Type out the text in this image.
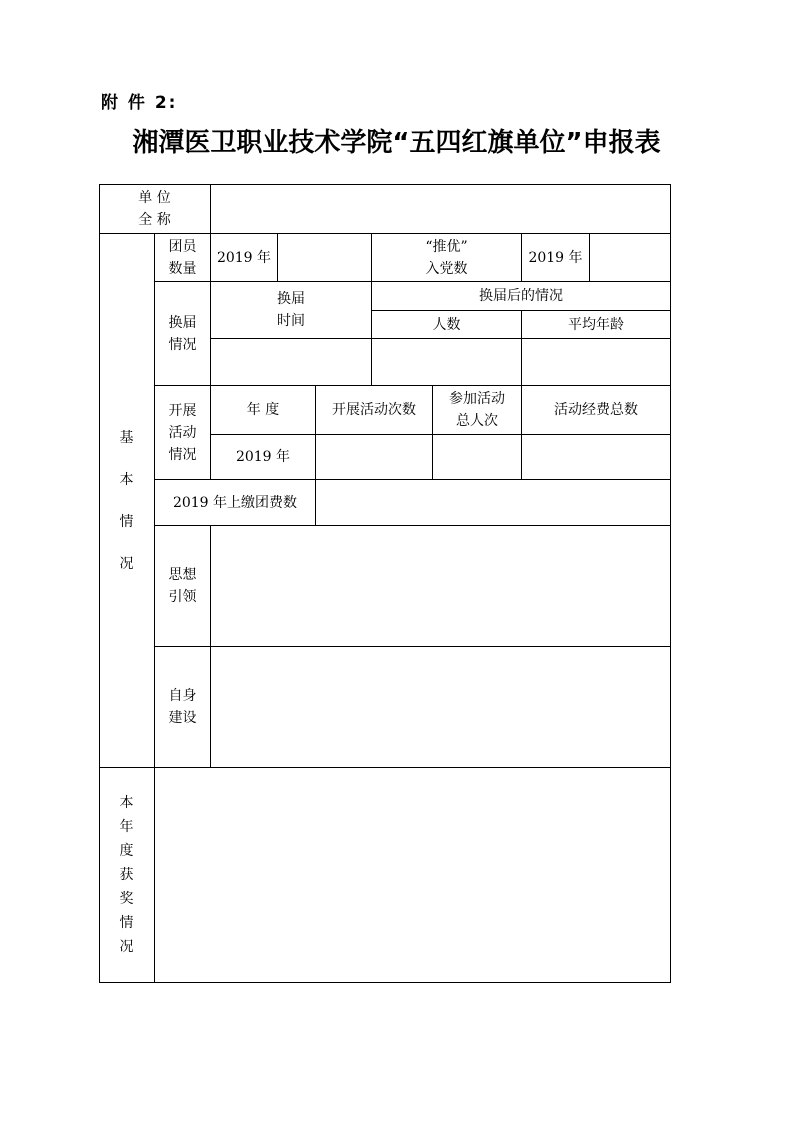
附 件 2:
湘潭医卫职业技术学院“五四红旗单位”申报表
单 位
全 称
基
本
情
况
团员
数量
2019 年
“推优”
入党数
2019 年
换届
情况
换届
时间
换届后的情况
人数	平均年龄
开展
活动
情况
年 度	开展活动次数
参加活动
总人次
活动经费总数
2019 年
2019 年上缴团费数
思想
引领
自身
建设
本
年
度
获
奖
情
况
